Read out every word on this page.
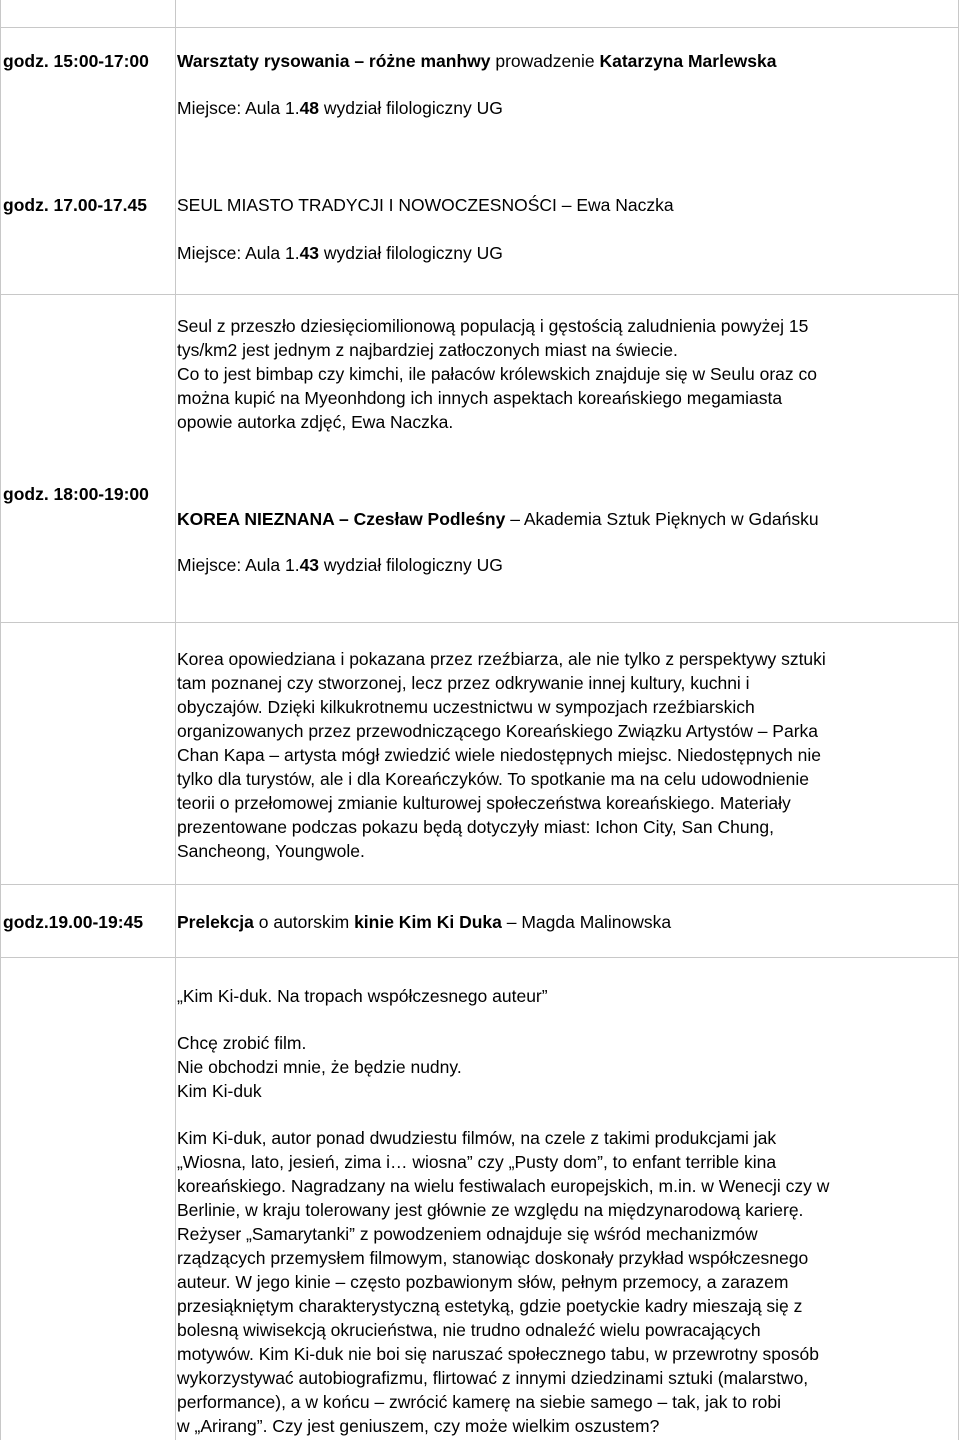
godz. 15:00-17:00 Warsztaty rysowania – różne manhwy prowadzenie Katarzyna Marlewska
Miejsce: Aula 1.48 wydział filologiczny UG
godz. 17.00-17.45 SEUL MIASTO TRADYCJI I NOWOCZESNOŚCI – Ewa Naczka
Miejsce: Aula 1.43 wydział filologiczny UG
Seul z przeszło dziesięciomilionową populacją i gęstością zaludnienia powyżej 15
tys/km2 jest jednym z najbardziej zatłoczonych miast na świecie.
Co to jest bimbap czy kimchi, ile pałaców królewskich znajduje się w Seulu oraz co
można kupić na Myeonhdong ich innych aspektach koreańskiego megamiasta
opowie autorka zdjęć, Ewa Naczka.
godz. 18:00-19:00
KOREA NIEZNANA – Czesław Podleśny – Akademia Sztuk Pięknych w Gdańsku
Miejsce: Aula 1.43 wydział filologiczny UG
Korea opowiedziana i pokazana przez rzeźbiarza, ale nie tylko z perspektywy sztuki
tam poznanej czy stworzonej, lecz przez odkrywanie innej kultury, kuchni i
obyczajów. Dzięki kilkukrotnemu uczestnictwu w sympozjach rzeźbiarskich
organizowanych przez przewodniczącego Koreańskiego Związku Artystów – Parka
Chan Kapa – artysta mógł zwiedzić wiele niedostępnych miejsc. Niedostępnych nie
tylko dla turystów, ale i dla Koreańczyków. To spotkanie ma na celu udowodnienie
teorii o przełomowej zmianie kulturowej społeczeństwa koreańskiego. Materiały
prezentowane podczas pokazu będą dotyczyły miast: Ichon City, San Chung,
Sancheong, Youngwole.
godz.19.00-19:45 Prelekcja o autorskim kinie Kim Ki Duka – Magda Malinowska
„Kim Ki-duk. Na tropach współczesnego auteur”
Chcę zrobić film.
Nie obchodzi mnie, że będzie nudny.
Kim Ki-duk
Kim Ki-duk, autor ponad dwudziestu filmów, na czele z takimi produkcjami jak
„Wiosna, lato, jesień, zima i… wiosna” czy „Pusty dom”, to enfant terrible kina
koreańskiego. Nagradzany na wielu festiwalach europejskich, m.in. w Wenecji czy w
Berlinie, w kraju tolerowany jest głównie ze względu na międzynarodową karierę.
Reżyser „Samarytanki” z powodzeniem odnajduje się wśród mechanizmów
rządzących przemysłem filmowym, stanowiąc doskonały przykład współczesnego
auteur. W jego kinie – często pozbawionym słów, pełnym przemocy, a zarazem
przesiąkniętym charakterystyczną estetyką, gdzie poetyckie kadry mieszają się z
bolesną wiwisekcją okrucieństwa, nie trudno odnaleźć wielu powracających
motywów. Kim Ki-duk nie boi się naruszać społecznego tabu, w przewrotny sposób
wykorzystywać autobiografizmu, flirtować z innymi dziedzinami sztuki (malarstwo,
performance), a w końcu – zwrócić kamerę na siebie samego – tak, jak to robi
w „Arirang”. Czy jest geniuszem, czy może wielkim oszustem?
